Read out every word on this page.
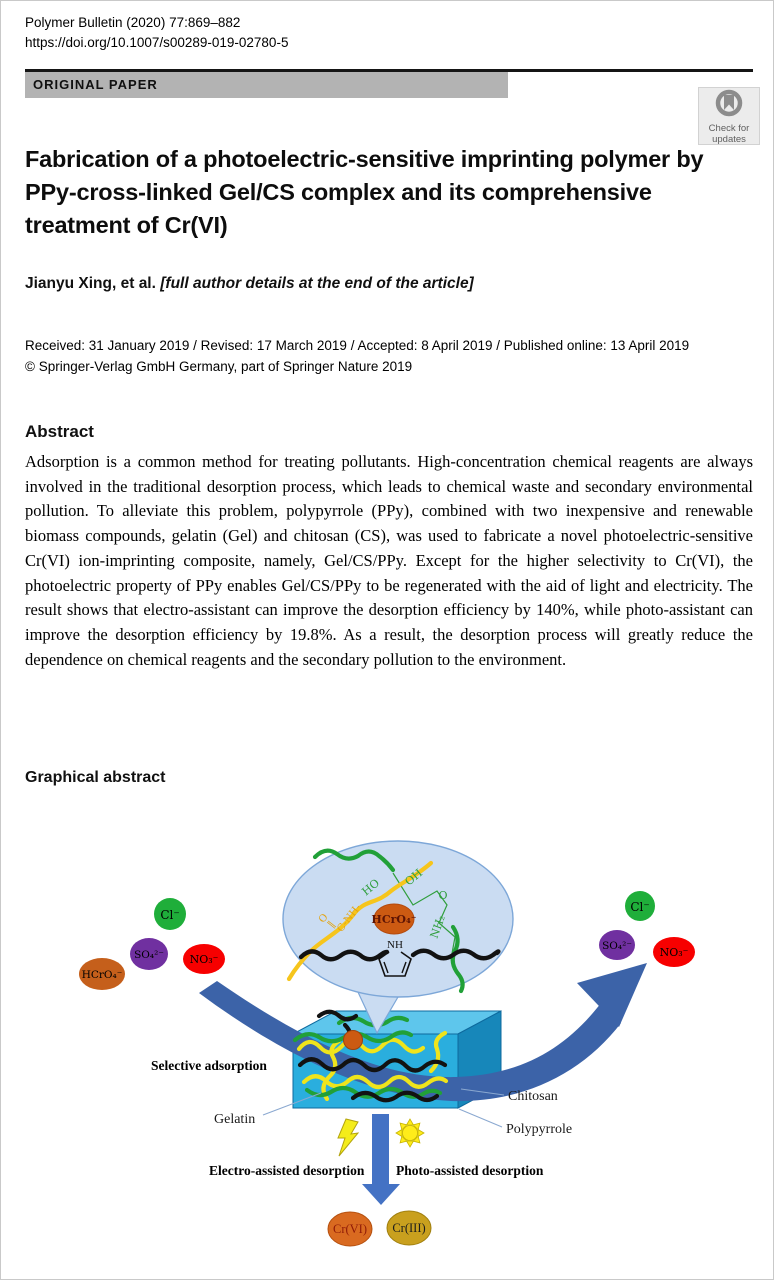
Polymer Bulletin (2020) 77:869–882
https://doi.org/10.1007/s00289-019-02780-5
ORIGINAL PAPER
Check for
updates
Fabrication of a photoelectric-sensitive imprinting polymer by PPy-cross-linked Gel/CS complex and its comprehensive treatment of Cr(VI)
Jianyu Xing, et al. [full author details at the end of the article]
Received: 31 January 2019 / Revised: 17 March 2019 / Accepted: 8 April 2019 / Published online: 13 April 2019
© Springer-Verlag GmbH Germany, part of Springer Nature 2019
Abstract

Adsorption is a common method for treating pollutants. High-concentration chemical reagents are always involved in the traditional desorption process, which leads to chemical waste and secondary environmental pollution. To alleviate this problem, polypyrrole (PPy), combined with two inexpensive and renewable biomass compounds, gelatin (Gel) and chitosan (CS), was used to fabricate a novel photoelectric-sensitive Cr(VI) ion-imprinting composite, namely, Gel/CS/PPy. Except for the higher selectivity to Cr(VI), the photoelectric property of PPy enables Gel/CS/PPy to be regenerated with the aid of light and electricity. The result shows that electro-assistant can improve the desorption efficiency by 140%, while photo-assistant can improve the desorption efficiency by 19.8%. As a result, the desorption process will greatly reduce the dependence on chemical reagents and the secondary pollution to the environment.

Graphical abstract
HO OH
O
NH₂
O
‖
C-NH- HCrO₄⁻
NH
Cl⁻
SO₄²⁻ NO₃⁻
HCrO₄⁻
Cl⁻
SO₄²⁻	NO₃⁻
Selective adsorption
Gelatin
Chitosan
Polypyrrole
Electro-assisted desorption Photo-assisted desorption
Cr(VI) Cr(III)
